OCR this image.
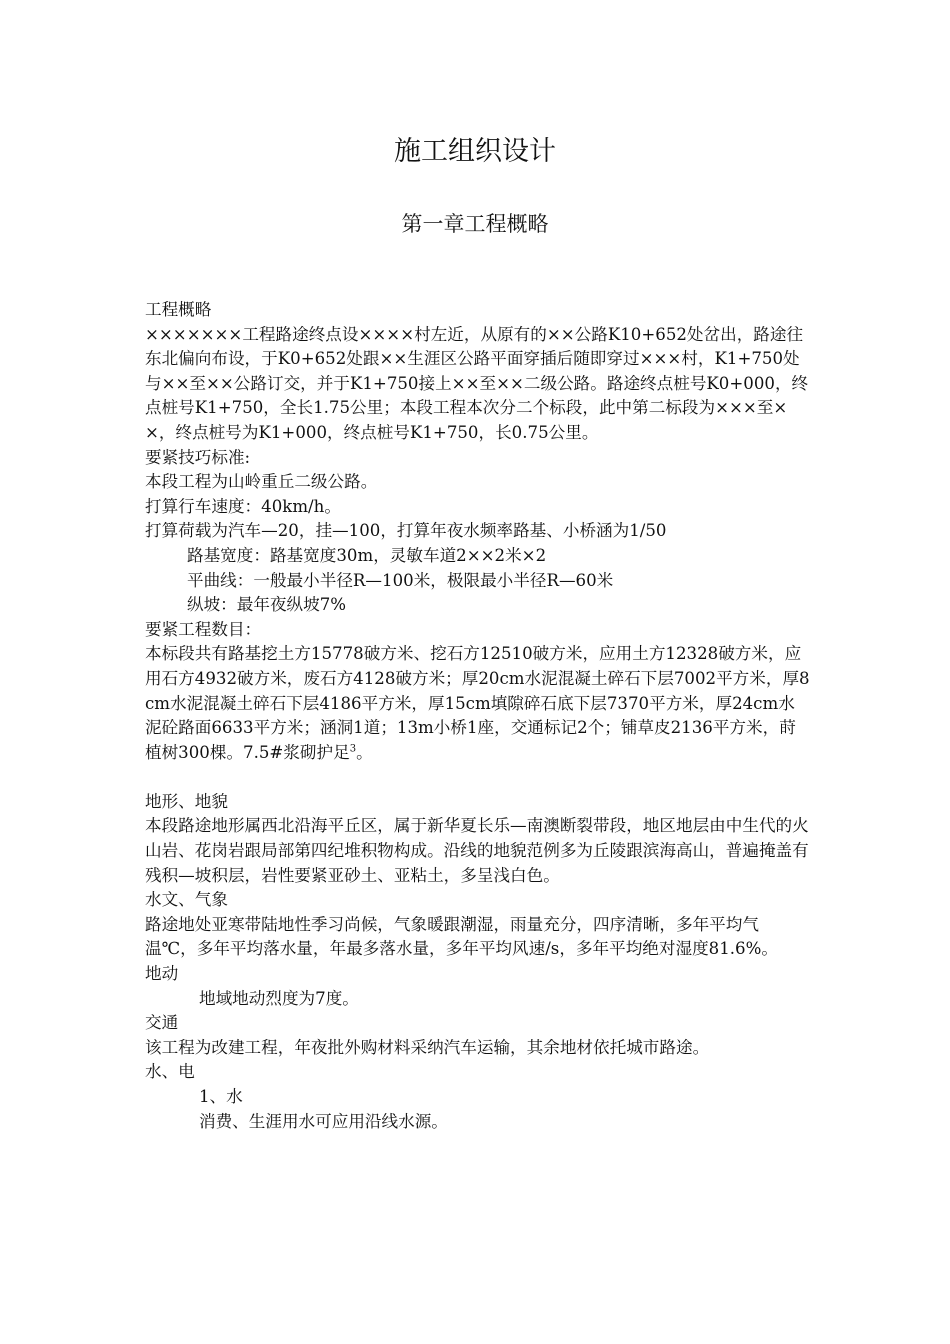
施工组织设计
第一章工程概略

工程概略

×××××××工程路途终点设××××村左近，从原有的××公路K10+652处岔出，路途往东北偏向布设，于K0+652处跟××生涯区公路平面穿插后随即穿过×××村，K1+750处与××至××公路订交，并于K1+750接上××至××二级公路。路途终点桩号K0+000，终点桩号K1+750，全长1.75公里；本段工程本次分二个标段，此中第二标段为×××至××，终点桩号为K1+000，终点桩号K1+750，长0.75公里。

要紧技巧标准:

本段工程为山岭重丘二级公路。

打算行车速度：40km/h。

打算荷载为汽车—20，挂—100，打算年夜水频率路基、小桥涵为1/50

路基宽度：路基宽度30m，灵敏车道2××2米×2

平曲线：一般最小半径R—100米，极限最小半径R—60米

纵坡：最年夜纵坡7%

要紧工程数目：

本标段共有路基挖土方15778破方米、挖石方12510破方米，应用土方12328破方米，应用石方4932破方米，废石方4128破方米；厚20cm水泥混凝土碎石下层7002平方米，厚8cm水泥混凝土碎石下层4186平方米，厚15cm填隙碎石底下层7370平方米，厚24cm水泥砼路面6633平方米；涵洞1道；13m小桥1座，交通标记2个；铺草皮2136平方米，莳植树300棵。7.5#浆砌护足$^3$。

地形、地貌

本段路途地形属西北沿海平丘区，属于新华夏长乐—南澳断裂带段，地区地层由中生代的火山岩、花岗岩跟局部第四纪堆积物构成。沿线的地貌范例多为丘陵跟滨海高山，普遍掩盖有残积—坡积层，岩性要紧亚砂土、亚粘土，多呈浅白色。

水文、气象

路途地处亚寒带陆地性季习尚候，气象暖跟潮湿，雨量充分，四序清晰，多年平均气温℃，多年平均落水量，年最多落水量，多年平均风速/s，多年平均绝对湿度81.6%。

地动

地域地动烈度为7度。

交通

该工程为改建工程，年夜批外购材料采纳汽车运输，其余地材依托城市路途。

水、电

1、水

消费、生涯用水可应用沿线水源。
